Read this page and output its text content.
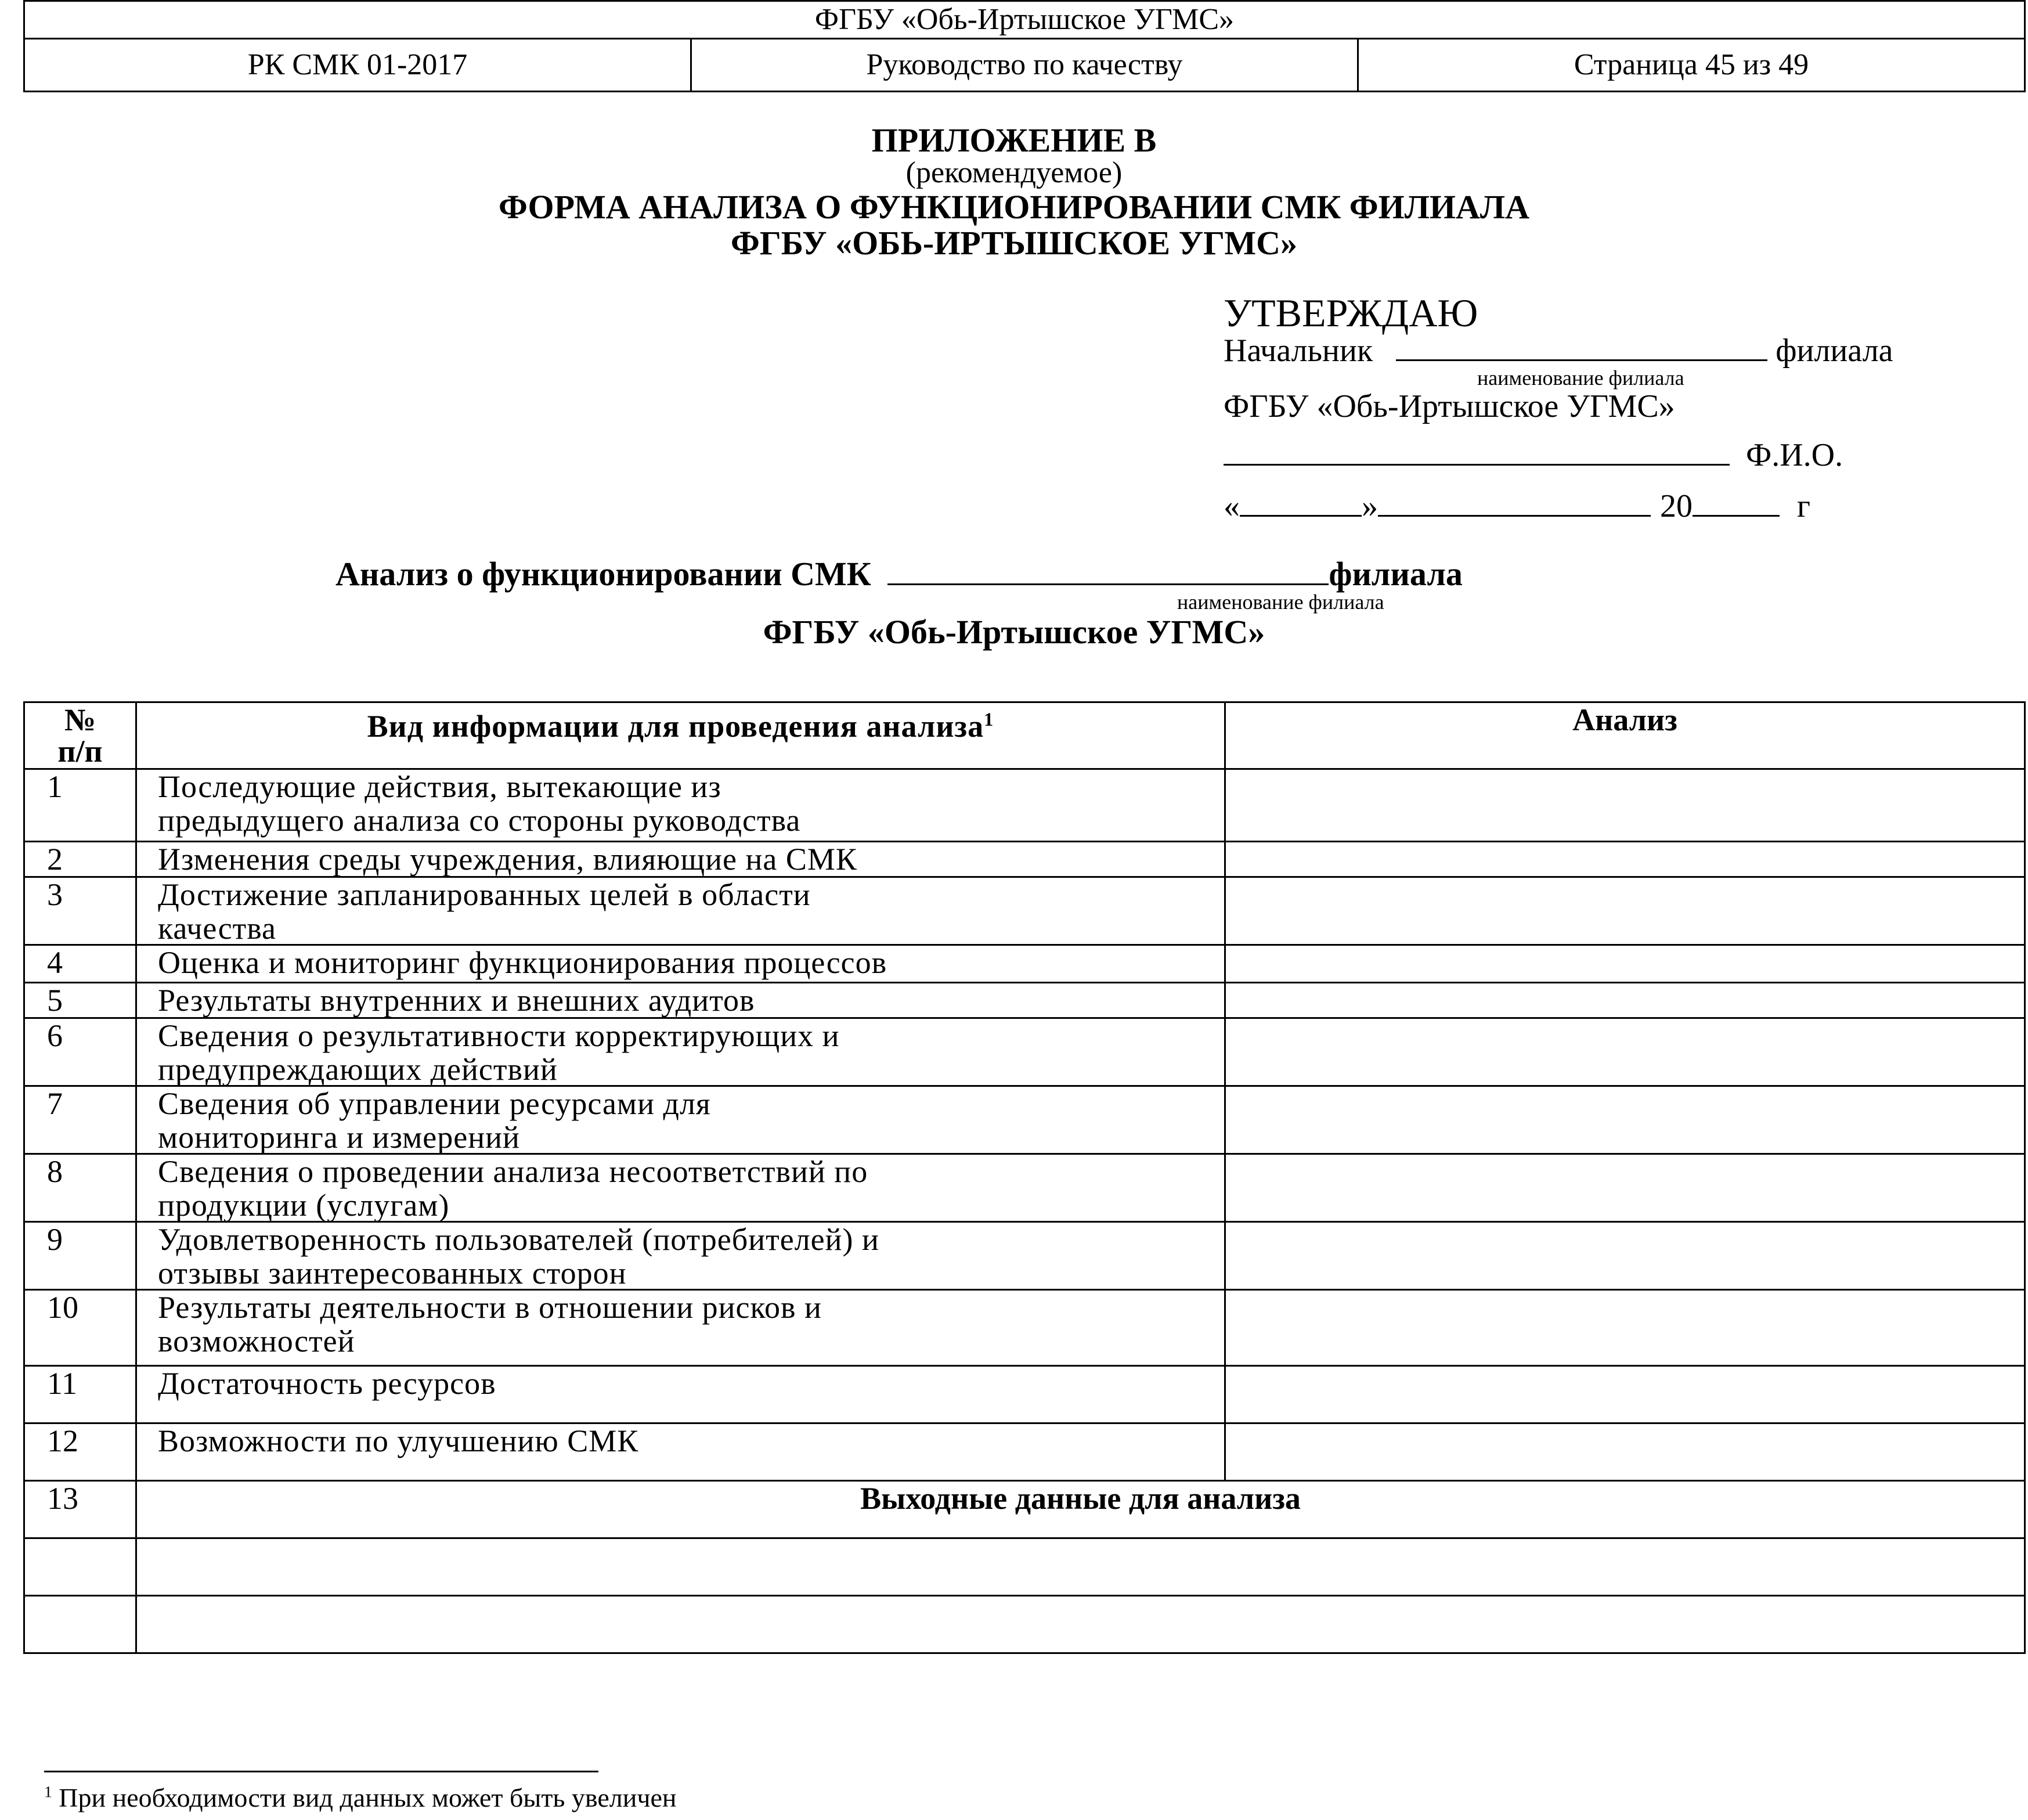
ФГБУ «Обь-Иртышское УГМС»
РК СМК 01-2017	Руководство по качеству	Страница 45 из 49
ПРИЛОЖЕНИЕ В
(рекомендуемое)
ФОРМА АНАЛИЗА О ФУНКЦИОНИРОВАНИИ СМК ФИЛИАЛА
ФГБУ «ОБЬ-ИРТЫШСКОЕ УГМС»
УТВЕРЖДАЮ
Начальник	филиала
наименование филиала
ФГБУ «Обь-Иртышское УГМС»
Ф.И.О.
«	»	20	г
Анализ о функционировании СМК	филиала
наименование филиала
ФГБУ «Обь-Иртышское УГМС»
№
п/п
Вид информации для проведения анализа$^1$	Анализ
1	Последующие действия, вытекающие из
предыдущего анализа со стороны руководства
2	Изменения среды учреждения, влияющие на СМК
3	Достижение запланированных целей в области
качества
4	Оценка и мониторинг функционирования процессов
5	Результаты внутренних и внешних аудитов
6	Сведения о результативности корректирующих и
предупреждающих действий
7	Сведения об управлении ресурсами для
мониторинга и измерений
8	Сведения о проведении анализа несоответствий по
продукции (услугам)
9	Удовлетворенность пользователей (потребителей) и
отзывы заинтересованных сторон
10	Результаты деятельности в отношении рисков и
возможностей
11	Достаточность ресурсов
12	Возможности по улучшению СМК
13	Выходные данные для анализа
$^1$ При необходимости вид данных может быть увеличен
